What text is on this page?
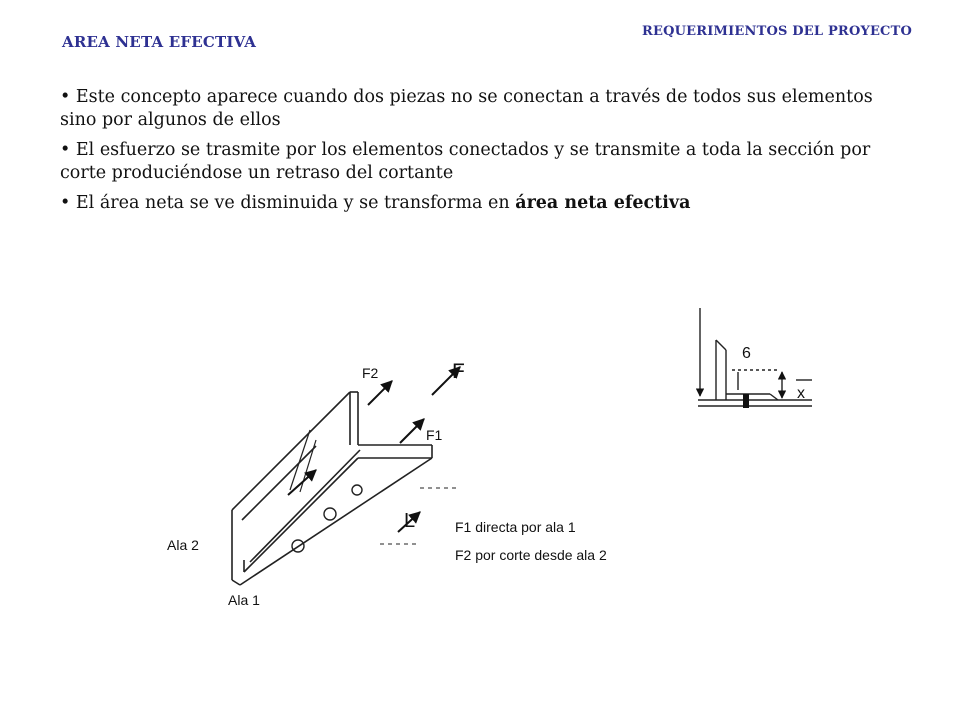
AREA NETA EFECTIVA
REQUERIMIENTOS DEL PROYECTO

• Este concepto aparece cuando dos piezas no se conectan a través de todos sus elementos sino por algunos de ellos

• El esfuerzo se trasmite por los elementos conectados y se transmite a toda la sección por corte produciéndose un retraso del cortante

• El área neta se ve disminuida y se transforma en área neta efectiva

F
F2
F1
L
Ala 2
Ala 1
F1 directa por ala 1
F2 por corte desde ala 2
6
x
